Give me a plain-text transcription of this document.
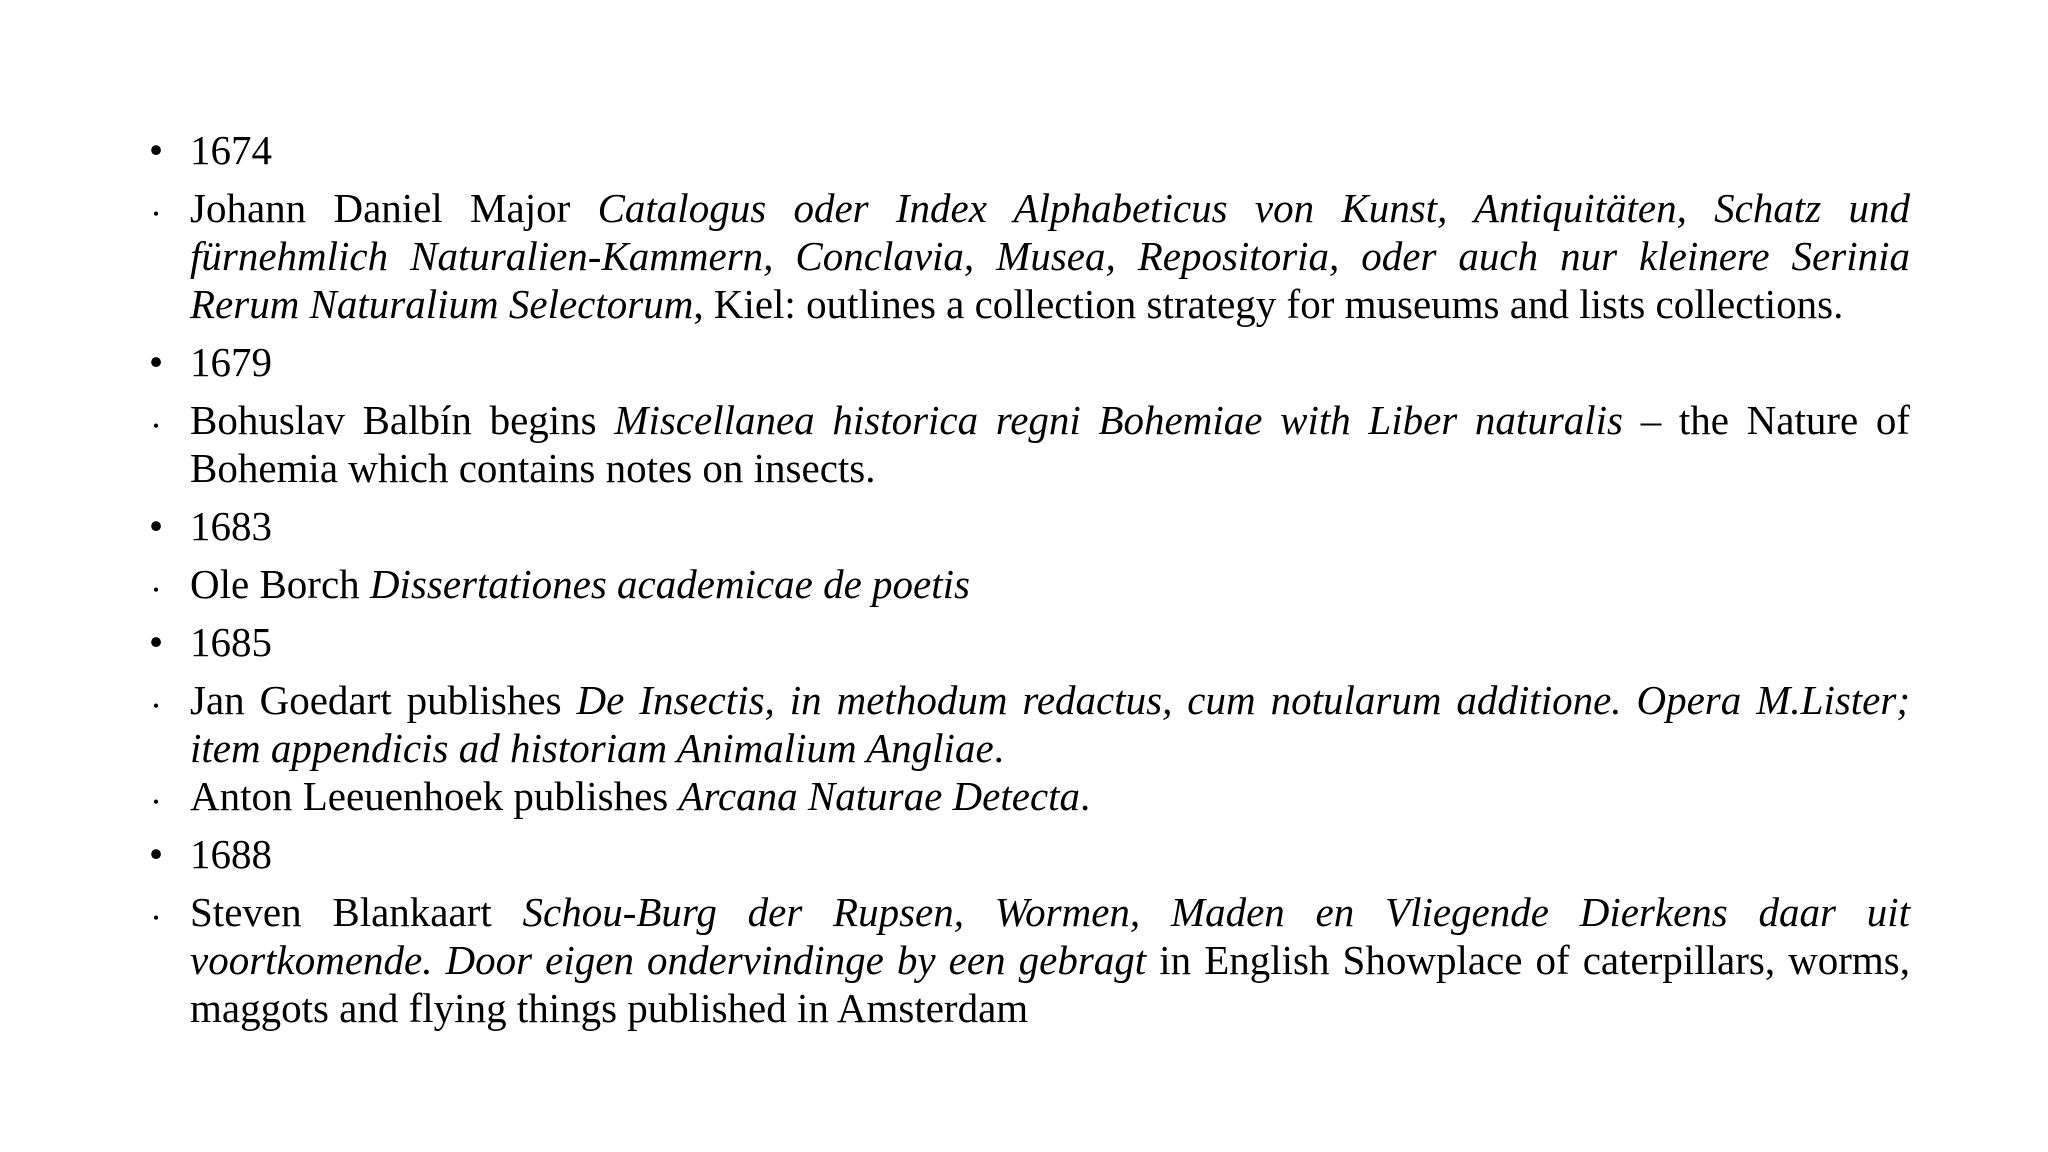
• 1674
• Johann Daniel Major Catalogus oder Index Alphabeticus von Kunst, Antiquitäten, Schatz und fürnehmlich Naturalien-Kammern, Conclavia, Musea, Repositoria, oder auch nur kleinere Serinia Rerum Naturalium Selectorum, Kiel: outlines a collection strategy for museums and lists collections.
• 1679
• Bohuslav Balbín begins Miscellanea historica regni Bohemiae with Liber naturalis – the Nature of Bohemia which contains notes on insects.
• 1683
• Ole Borch Dissertationes academicae de poetis
• 1685
• Jan Goedart publishes De Insectis, in methodum redactus, cum notularum additione. Opera M.Lister; item appendicis ad historiam Animalium Angliae.
• Anton Leeuenhoek publishes Arcana Naturae Detecta.
• 1688
• Steven Blankaart Schou-Burg der Rupsen, Wormen, Maden en Vliegende Dierkens daar uit voortkomende. Door eigen ondervindinge by een gebragt in English Showplace of caterpillars, worms, maggots and flying things published in Amsterdam
